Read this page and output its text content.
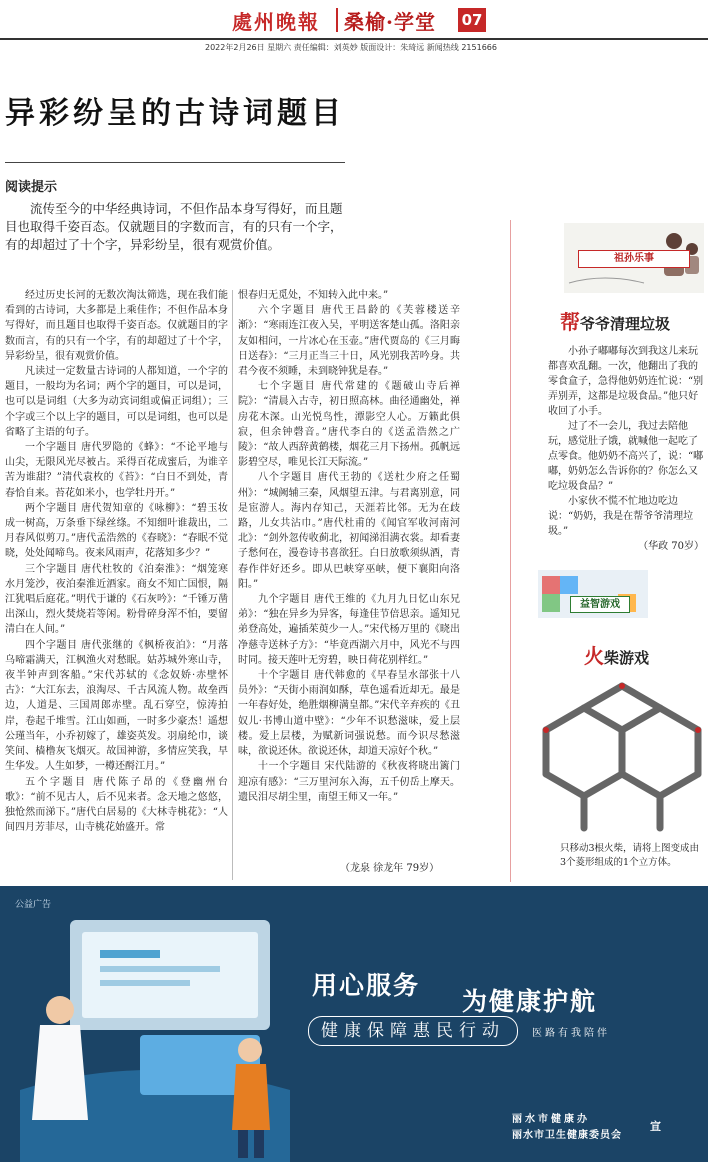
處州晚報 桑榆·学堂 07
2022年2月26日 星期六 责任编辑：刘英妙 版面设计：朱琦远 新闻热线 2151666
异彩纷呈的古诗词题目
阅读提示

流传至今的中华经典诗词，不但作品本身写得好，而且题目也取得千姿百态。仅就题目的字数而言，有的只有一个字，有的却超过了十个字，异彩纷呈，很有观赏价值。

经过历史长河的无数次淘汰筛选，现在我们能看到的古诗词，大多都是上乘佳作；不但作品本身写得好，而且题目也取得千姿百态。仅就题目的字数而言，有的只有一个字，有的却超过了十个字，异彩纷呈，很有观赏价值。

凡读过一定数量古诗词的人都知道，一个字的题目，一般均为名词；两个字的题目，可以是词，也可以是词组（大多为动宾词组或偏正词组）；三个字或三个以上字的题目，可以是词组，也可以是省略了主语的句子。

一个字题目 唐代罗隐的《蜂》：“不论平地与山尖，无限风光尽被占。采得百花成蜜后，为谁辛苦为谁甜？”清代袁枚的《苔》：“白日不到处，青春恰自来。苔花如米小，也学牡丹开。”

两个字题目 唐代贺知章的《咏柳》：“碧玉妆成一树高，万条垂下绿丝绦。不知细叶谁裁出，二月春风似剪刀。”唐代孟浩然的《春晓》：“春眠不觉晓，处处闻啼鸟。夜来风雨声，花落知多少？”

三个字题目 唐代杜牧的《泊秦淮》：“烟笼寒水月笼沙，夜泊秦淮近酒家。商女不知亡国恨，隔江犹唱后庭花。”明代于谦的《石灰吟》：“千锤万凿出深山，烈火焚烧若等闲。粉骨碎身浑不怕，要留清白在人间。”

四个字题目 唐代张继的《枫桥夜泊》：“月落乌啼霜满天，江枫渔火对愁眠。姑苏城外寒山寺，夜半钟声到客船。”宋代苏轼的《念奴娇·赤壁怀古》：“大江东去，浪淘尽、千古风流人物。故垒西边，人道是、三国周郎赤壁。乱石穿空，惊涛拍岸，卷起千堆雪。江山如画，一时多少豪杰！遥想公瑾当年，小乔初嫁了，雄姿英发。羽扇纶巾，谈笑间、樯橹灰飞烟灭。故国神游，多情应笑我，早生华发。人生如梦，一樽还酹江月。”

五个字题目 唐代陈子昂的《登幽州台歌》：“前不见古人，后不见来者。念天地之悠悠，独怆然而涕下。”唐代白居易的《大林寺桃花》：“人间四月芳菲尽，山寺桃花始盛开。常

恨春归无觅处，不知转入此中来。”

六个字题目 唐代王昌龄的《芙蓉楼送辛渐》：“寒雨连江夜入吴，平明送客楚山孤。洛阳亲友如相问，一片冰心在玉壶。”唐代贾岛的《三月晦日送春》：“三月正当三十日，风光别我苦吟身。共君今夜不须睡，未到晓钟犹是春。”

七个字题目 唐代常建的《题破山寺后禅院》：“清晨入古寺，初日照高林。曲径通幽处，禅房花木深。山光悦鸟性，潭影空人心。万籁此俱寂，但余钟磬音。”唐代李白的《送孟浩然之广陵》：“故人西辞黄鹤楼，烟花三月下扬州。孤帆远影碧空尽，唯见长江天际流。”

八个字题目 唐代王勃的《送杜少府之任蜀州》：“城阙辅三秦，风烟望五津。与君离别意，同是宦游人。海内存知己，天涯若比邻。无为在歧路，儿女共沾巾。”唐代杜甫的《闻官军收河南河北》：“剑外忽传收蓟北，初闻涕泪满衣裳。却看妻子愁何在，漫卷诗书喜欲狂。白日放歌须纵酒，青春作伴好还乡。即从巴峡穿巫峡，便下襄阳向洛阳。”

九个字题目 唐代王维的《九月九日忆山东兄弟》：“独在异乡为异客，每逢佳节倍思亲。遥知兄弟登高处，遍插茱萸少一人。”宋代杨万里的《晓出净慈寺送林子方》：“毕竟西湖六月中，风光不与四时同。接天莲叶无穷碧，映日荷花别样红。”

十个字题目 唐代韩愈的《早春呈水部张十八员外》：“天街小雨润如酥，草色遥看近却无。最是一年春好处，绝胜烟柳满皇都。”宋代辛弃疾的《丑奴儿·书博山道中壁》：“少年不识愁滋味，爱上层楼。爱上层楼，为赋新词强说愁。而今识尽愁滋味，欲说还休。欲说还休，却道天凉好个秋。”

十一个字题目 宋代陆游的《秋夜将晓出篱门迎凉有感》：“三万里河东入海，五千仞岳上摩天。遗民泪尽胡尘里，南望王师又一年。”

（龙泉 徐龙年 79岁）
祖孙乐事
帮爷爷清理垃圾

小孙子嘟嘟每次到我这儿来玩都喜欢乱翻。一次，他翻出了我的零食盒子，急得他奶奶连忙说：“别弄别弄，这都是垃圾食品。”他只好收回了小手。

过了不一会儿，我过去陪他玩，感觉肚子饿，就喊他一起吃了点零食。他奶奶不高兴了，说：“嘟嘟，奶奶怎么告诉你的？你怎么又吃垃圾食品？”

小家伙不慌不忙地边吃边说：“奶奶，我是在帮爷爷清理垃圾。”

（华政 70岁）

益智游戏
火柴游戏
只移动3根火柴，请将上图变成由3个菱形组成的1个立方体。
公益广告
用心服务
为健康护航
健康保障惠民行动	医路有我陪伴
丽水市健康办
丽水市卫生健康委员会
宣
